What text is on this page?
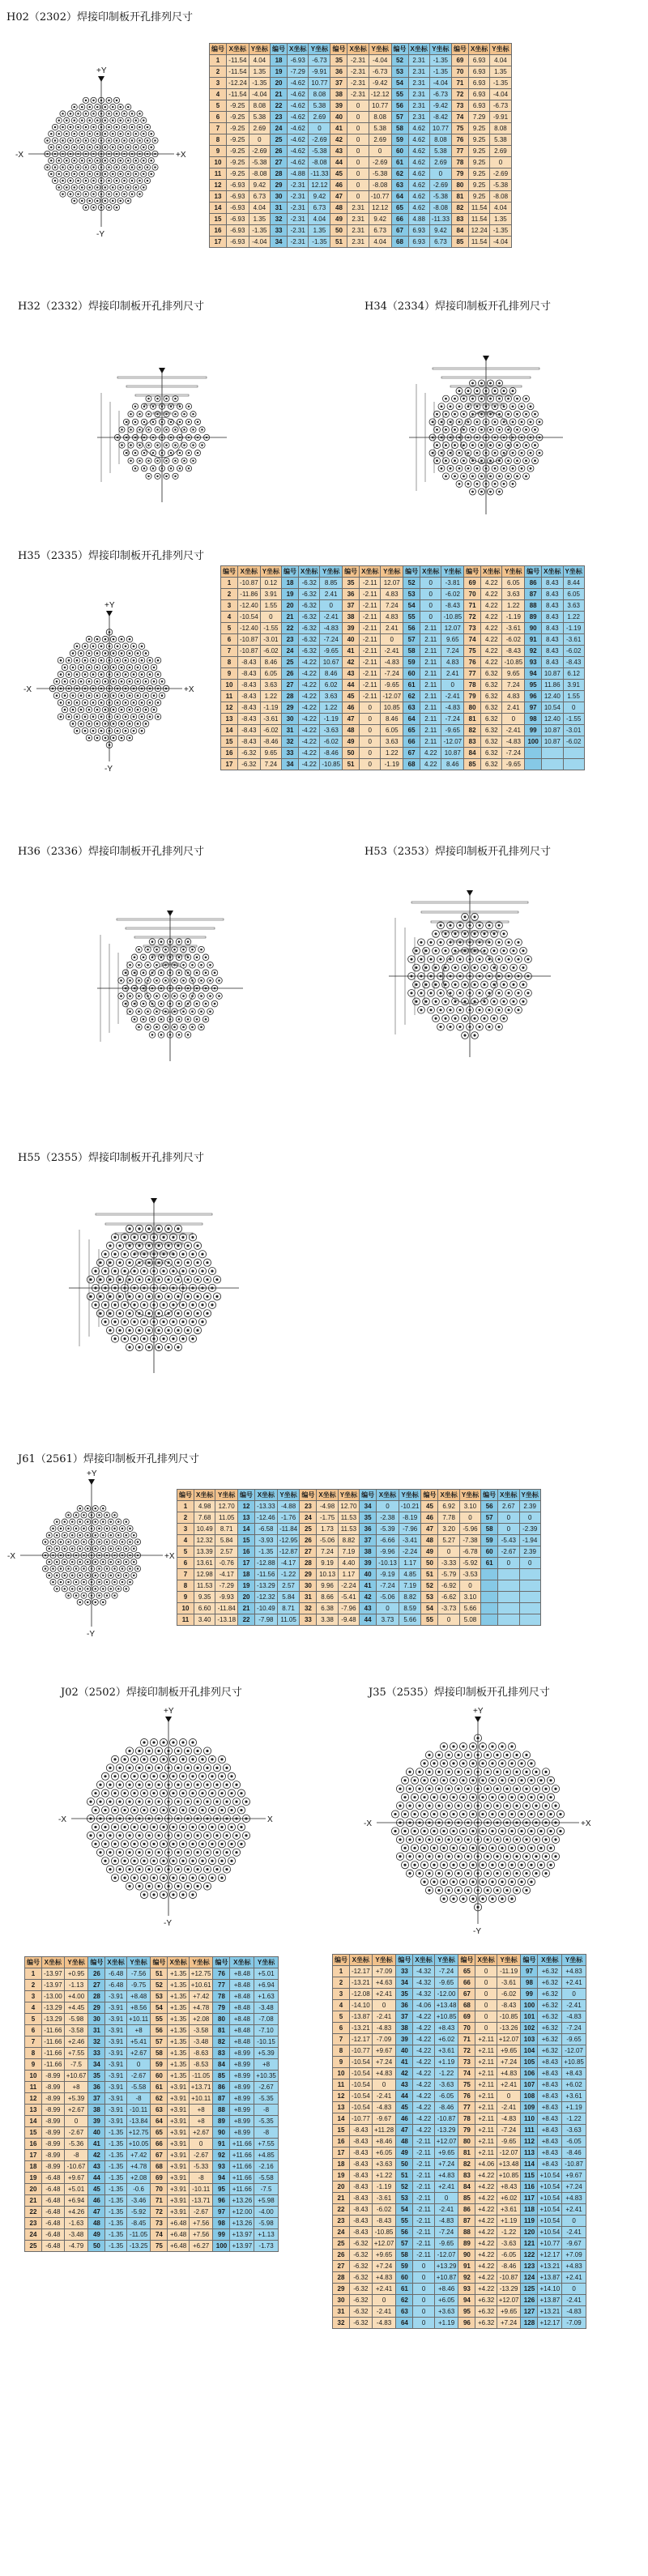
H02（2302）焊接印制板开孔排列尺寸
+Y
-Y
+X
-X
编号	X坐标	Y坐标	编号	X坐标	Y坐标	编号	X坐标	Y坐标	编号	X坐标	Y坐标	编号	X坐标	Y坐标
1	-11.54	4.04	18	-6.93	-6.73	35	-2.31	-4.04	52	2.31	-1.35	69	6.93	4.04
2	-11.54	1.35	19	-7.29	-9.91	36	-2.31	-6.73	53	2.31	-1.35	70	6.93	1.35
3	-12.24	-1.35	20	-4.62	10.77	37	-2.31	-9.42	54	2.31	-4.04	71	6.93	-1.35
4	-11.54	-4.04	21	-4.62	8.08	38	-2.31	-12.12	55	2.31	-6.73	72	6.93	-4.04
5	-9.25	8.08	22	-4.62	5.38	39	0	10.77	56	2.31	-9.42	73	6.93	-6.73
6	-9.25	5.38	23	-4.62	2.69	40	0	8.08	57	2.31	-8.42	74	7.29	-9.91
7	-9.25	2.69	24	-4.62	0	41	0	5.38	58	4.62	10.77	75	9.25	8.08
8	-9.25	0	25	-4.62	-2.69	42	0	2.69	59	4.62	8.08	76	9.25	5.38
9	-9.25	-2.69	26	-4.62	-5.38	43	0	0	60	4.62	5.38	77	9.25	2.69
10	-9.25	-5.38	27	-4.62	-8.08	44	0	-2.69	61	4.62	2.69	78	9.25	0
11	-9.25	-8.08	28	-4.88	-11.33	45	0	-5.38	62	4.62	0	79	9.25	-2.69
12	-6.93	9.42	29	-2.31	12.12	46	0	-8.08	63	4.62	-2.69	80	9.25	-5.38
13	-6.93	6.73	30	-2.31	9.42	47	0	-10.77	64	4.62	-5.38	81	9.25	-8.08
14	-6.93	4.04	31	-2.31	6.73	48	2.31	12.12	65	4.62	-8.08	82	11.54	4.04
15	-6.93	1.35	32	-2.31	4.04	49	2.31	9.42	66	4.88	-11.33	83	11.54	1.35
16	-6.93	-1.35	33	-2.31	1.35	50	2.31	6.73	67	6.93	9.42	84	12.24	-1.35
17	-6.93	-4.04	34	-2.31	-1.35	51	2.31	4.04	68	6.93	6.73	85	11.54	-4.04
H32（2332）焊接印制板开孔排列尺寸	H34（2334）焊接印制板开孔排列尺寸
H35（2335）焊接印制板开孔排列尺寸
+Y
-Y
+X
-X
编号	X坐标	Y坐标	编号	X坐标	Y坐标	编号	X坐标	Y坐标	编号	X坐标	Y坐标	编号	X坐标	Y坐标	编号	X坐标	Y坐标
1	-10.87	0.12	18	-6.32	8.85	35	-2.11	12.07	52	0	-3.81	69	4.22	6.05	86	8.43	8.44
2	-11.86	3.91	19	-6.32	2.41	36	-2.11	4.83	53	0	-6.02	70	4.22	3.63	87	8.43	6.05
3	-12.40	1.55	20	-6.32	0	37	-2.11	7.24	54	0	-8.43	71	4.22	1.22	88	8.43	3.63
4	-10.54	0	21	-6.32	-2.41	38	-2.11	4.83	55	0	-10.85	72	4.22	-1.19	89	8.43	1.22
5	-12.40	-1.55	22	-6.32	-4.83	39	-2.11	2.41	56	2.11	12.07	73	4.22	-3.61	90	8.43	-1.19
6	-10.87	-3.01	23	-6.32	-7.24	40	-2.11	0	57	2.11	9.65	74	4.22	-6.02	91	8.43	-3.61
7	-10.87	-6.02	24	-6.32	-9.65	41	-2.11	-2.41	58	2.11	7.24	75	4.22	-8.43	92	8.43	-6.02
8	-8.43	8.46	25	-4.22	10.67	42	-2.11	-4.83	59	2.11	4.83	76	4.22	-10.85	93	8.43	-8.43
9	-8.43	6.05	26	-4.22	8.46	43	-2.11	-7.24	60	2.11	2.41	77	6.32	9.65	94	10.87	6.12
10	-8.43	3.63	27	-4.22	6.02	44	-2.11	-9.65	61	2.11	0	78	6.32	7.24	95	11.86	3.91
11	-8.43	1.22	28	-4.22	3.63	45	-2.11	-12.07	62	2.11	-2.41	79	6.32	4.83	96	12.40	1.55
12	-8.43	-1.19	29	-4.22	1.22	46	0	10.85	63	2.11	-4.83	80	6.32	2.41	97	10.54	0
13	-8.43	-3.61	30	-4.22	-1.19	47	0	8.46	64	2.11	-7.24	81	6.32	0	98	12.40	-1.55
14	-8.43	-6.02	31	-4.22	-3.63	48	0	6.05	65	2.11	-9.65	82	6.32	-2.41	99	10.87	-3.01
15	-8.43	-8.46	32	-4.22	-6.02	49	0	3.63	66	2.11	-12.07	83	6.32	-4.83	100	10.87	-6.02
16	-6.32	9.65	33	-4.22	-8.46	50	0	1.22	67	4.22	10.87	84	6.32	-7.24			
17	-6.32	7.24	34	-4.22	-10.85	51	0	-1.19	68	4.22	8.46	85	6.32	-9.65			
H36（2336）焊接印制板开孔排列尺寸	H53（2353）焊接印制板开孔排列尺寸
H55（2355）焊接印制板开孔排列尺寸
J61（2561）焊接印制板开孔排列尺寸
+Y
-Y
+X
-X
编号	X坐标	Y坐标	编号	X坐标	Y坐标	编号	X坐标	Y坐标	编号	X坐标	Y坐标	编号	X坐标	Y坐标	编号	X坐标	Y坐标
1	4.98	12.70	12	-13.33	-4.88	23	-4.98	12.70	34	0	-10.21	45	6.92	3.10	56	2.67	2.39
2	7.68	11.05	13	-12.46	-1.76	24	-1.75	11.53	35	-2.38	-8.19	46	7.78	0	57	0	0
3	10.49	8.71	14	-6.58	-11.84	25	1.73	11.53	36	-5.39	-7.96	47	3.20	-5.96	58	0	-2.39
4	12.32	5.84	15	-3.93	-12.95	26	-5.06	8.82	37	-6.66	-3.41	48	5.27	-7.38	59	-5.43	-1.94
5	13.39	2.57	16	-1.35	-12.87	27	7.24	7.19	38	-9.96	-2.24	49	0	-6.78	60	-2.67	2.39
6	13.61	-0.76	17	-12.88	-4.17	28	9.19	4.40	39	-10.13	1.17	50	-3.33	-5.92	61	0	0
7	12.98	-4.17	18	-11.56	-1.22	29	10.13	1.17	40	-9.19	4.85	51	-5.79	-3.53			
8	11.53	-7.29	19	-13.29	2.57	30	9.96	-2.24	41	-7.24	7.19	52	-6.92	0			
9	9.35	-9.93	20	-12.32	5.84	31	8.66	-5.41	42	-5.06	8.82	53	-6.62	3.10			
10	6.60	-11.84	21	-10.49	8.71	32	6.38	-7.96	43	0	8.59	54	-3.73	5.66			
11	3.40	-13.18	22	-7.98	11.05	33	3.38	-9.48	44	3.73	5.66	55	0	5.08			
J02（2502）焊接印制板开孔排列尺寸
+Y
-Y
X
-X
编号	X坐标	Y坐标	编号	X坐标	Y坐标	编号	X坐标	Y坐标	编号	X坐标	Y坐标
1	-13.97	+0.95	26	-6.48	-7.56	51	+1.35	+12.75	76	+8.48	+5.01
2	-13.97	-1.13	27	-6.48	-9.75	52	+1.35	+10.61	77	+8.48	+6.94
3	-13.00	+4.00	28	-3.91	+8.48	53	+1.35	+7.42	78	+8.48	+1.63
4	-13.29	+4.45	29	-3.91	+8.56	54	+1.35	+4.78	79	+8.48	-3.48
5	-13.29	-5.98	30	-3.91	+10.11	55	+1.35	+2.08	80	+8.48	-7.08
6	-11.66	-3.58	31	-3.91	+8	56	+1.35	-3.58	81	+8.48	-7.10
7	-11.66	+2.46	32	-3.91	+5.41	57	+1.35	-3.48	82	+8.48	-10.15
8	-11.66	+7.55	33	-3.91	+2.67	58	+1.35	-8.63	83	+8.99	+5.39
9	-11.66	-7.5	34	-3.91	0	59	+1.35	-8.53	84	+8.99	+8
10	-8.99	+10.67	35	-3.91	-2.67	60	+1.35	-11.05	85	+8.99	+10.35
11	-8.99	+8	36	-3.91	-5.58	61	+3.91	+13.71	86	+8.99	-2.67
12	-8.99	+5.39	37	-3.91	-8	62	+3.91	+10.11	87	+8.99	-5.35
13	-8.99	+2.67	38	-3.91	-10.11	63	+3.91	+8	88	+8.99	-8
14	-8.99	0	39	-3.91	-13.84	64	+3.91	+8	89	+8.99	-5.35
15	-8.99	-2.67	40	-1.35	+12.75	65	+3.91	+2.67	90	+8.99	-8
16	-8.99	-5.36	41	-1.35	+10.05	66	+3.91	0	91	+11.66	+7.55
17	-8.99	-8	42	-1.35	+7.42	67	+3.91	-2.67	92	+11.66	+4.85
18	-8.99	-10.67	43	-1.35	+4.78	68	+3.91	-5.33	93	+11.66	-2.16
19	-6.48	+9.67	44	-1.35	+2.08	69	+3.91	-8	94	+11.66	-5.58
20	-6.48	+5.01	45	-1.35	-0.6	70	+3.91	-10.11	95	+11.66	-7.5
21	-6.48	+6.94	46	-1.35	-3.46	71	+3.91	-13.71	96	+13.26	+5.98
22	-6.48	+4.26	47	-1.35	-5.92	72	+3.91	-2.67	97	+12.00	-4.00
23	-6.48	-1.63	48	-1.35	-8.45	73	+6.48	+7.56	98	+13.26	-5.98
24	-6.48	-3.48	49	-1.35	-11.05	74	+6.48	+7.56	99	+13.97	+1.13
25	-6.48	-4.79	50	-1.35	-13.25	75	+6.48	+6.27	100	+13.97	-1.73
J35（2535）焊接印制板开孔排列尺寸
+Y
-Y
+X
-X
编号	X坐标	Y坐标	编号	X坐标	Y坐标	编号	X坐标	Y坐标	编号	X坐标	Y坐标
1	-12.17	+7.09	33	-4.32	-7.24	65	0	-11.19	97	+6.32	+4.83
2	-13.21	+4.63	34	-4.32	-9.65	66	0	-3.61	98	+6.32	+2.41
3	-12.08	+2.41	35	-4.32	-12.00	67	0	-6.02	99	+6.32	0
4	-14.10	0	36	-4.06	+13.48	68	0	-8.43	100	+6.32	-2.41
5	-13.87	-2.41	37	-4.22	+10.85	69	0	-10.85	101	+6.32	-4.83
6	-13.21	-4.83	38	-4.22	+8.43	70	0	-13.26	102	+6.32	-7.24
7	-12.17	-7.09	39	-4.22	+6.02	71	+2.11	+12.07	103	+6.32	-9.65
8	-10.77	+9.67	40	-4.22	+3.61	72	+2.11	+9.65	104	+6.32	-12.07
9	-10.54	+7.24	41	-4.22	+1.19	73	+2.11	+7.24	105	+8.43	+10.85
10	-10.54	+4.83	42	-4.22	-1.22	74	+2.11	+4.83	106	+8.43	+8.43
11	-10.54	0	43	-4.22	-3.63	75	+2.11	+2.41	107	+8.43	+6.02
12	-10.54	-2.41	44	-4.22	-6.05	76	+2.11	0	108	+8.43	+3.61
13	-10.54	-4.83	45	-4.22	-8.46	77	+2.11	-2.41	109	+8.43	+1.19
14	-10.77	-9.67	46	-4.22	-10.87	78	+2.11	-4.83	110	+8.43	-1.22
15	-8.43	+11.28	47	-4.22	-13.29	79	+2.11	-7.24	111	+8.43	-3.63
16	-8.43	+8.46	48	-2.11	+12.07	80	+2.11	-9.65	112	+8.43	-6.05
17	-8.43	+6.05	49	-2.11	+9.65	81	+2.11	-12.07	113	+8.43	-8.46
18	-8.43	+3.63	50	-2.11	+7.24	82	+4.06	+13.48	114	+8.43	-10.87
19	-8.43	+1.22	51	-2.11	+4.83	83	+4.22	+10.85	115	+10.54	+9.67
20	-8.43	-1.19	52	-2.11	+2.41	84	+4.22	+8.43	116	+10.54	+7.24
21	-8.43	-3.61	53	-2.11	0	85	+4.22	+6.02	117	+10.54	+4.83
22	-8.43	-6.02	54	-2.11	-2.41	86	+4.22	+3.61	118	+10.54	+2.41
23	-8.43	-8.43	55	-2.11	-4.83	87	+4.22	+1.19	119	+10.54	0
24	-8.43	-10.85	56	-2.11	-7.24	88	+4.22	-1.22	120	+10.54	-2.41
25	-6.32	+12.07	57	-2.11	-9.65	89	+4.22	-3.63	121	+10.77	-9.67
26	-6.32	+9.65	58	-2.11	-12.07	90	+4.22	-6.05	122	+12.17	+7.09
27	-6.32	+7.24	59	0	+13.29	91	+4.22	-8.46	123	+13.21	+4.83
28	-6.32	+4.83	60	0	+10.87	92	+4.22	-10.87	124	+13.87	+2.41
29	-6.32	+2.41	61	0	+8.46	93	+4.22	-13.29	125	+14.10	0
30	-6.32	0	62	0	+6.05	94	+6.32	+12.07	126	+13.87	-2.41
31	-6.32	-2.41	63	0	+3.63	95	+6.32	+9.65	127	+13.21	-4.83
32	-6.32	-4.83	64	0	+1.19	96	+6.32	+7.24	128	+12.17	-7.09
